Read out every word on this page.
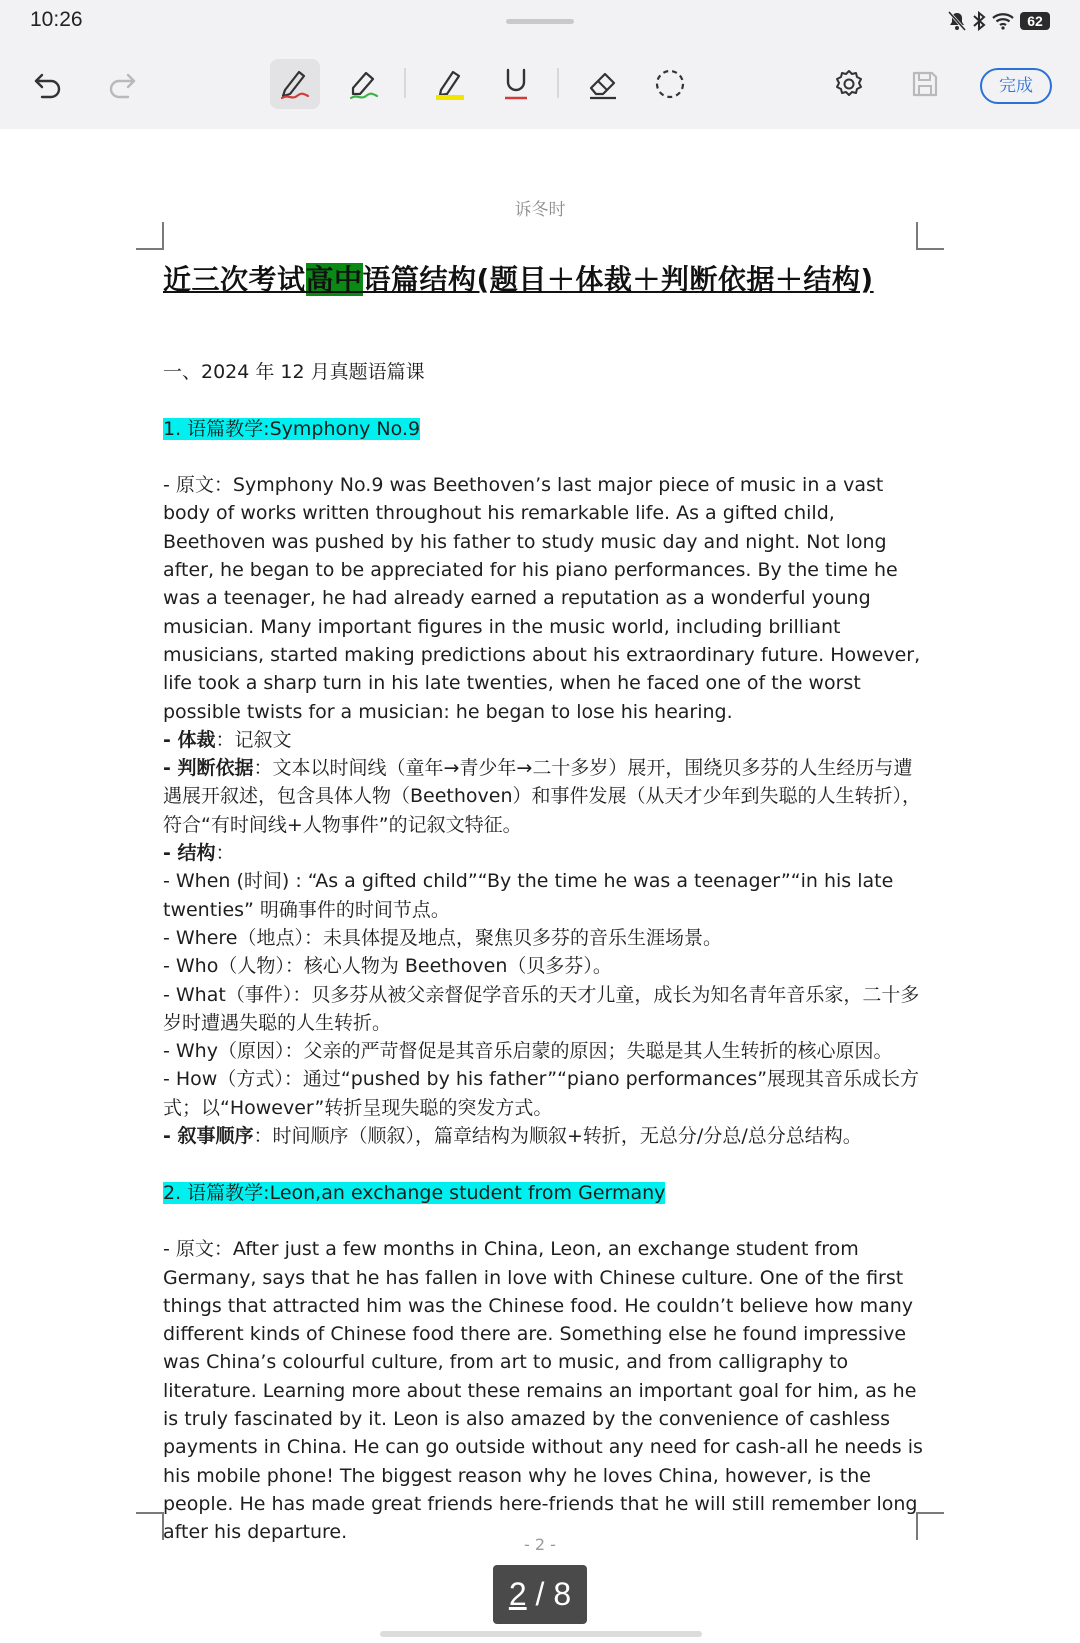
10:26	62
完成
诉冬时
近三次考试高中语篇结构(题目＋体裁＋判断依据＋结构)

一、2024 年 12 月真题语篇课

1. 语篇教学:Symphony No.9

- 原文：Symphony No.9 was Beethoven’s last major piece of music in a vast body of works written throughout his remarkable life. As a gifted child, Beethoven was pushed by his father to study music day and night. Not long after, he began to be appreciated for his piano performances. By the time he was a teenager, he had already earned a reputation as a wonderful young musician. Many important figures in the music world, including brilliant musicians, started making predictions about his extraordinary future. However, life took a sharp turn in his late twenties, when he faced one of the worst possible twists for a musician: he began to lose his hearing.

- 体裁：记叙文

- 判断依据：文本以时间线（童年→青少年→二十多岁）展开，围绕贝多芬的人生经历与遭遇展开叙述，包含具体人物（Beethoven）和事件发展（从天才少年到失聪的人生转折），符合“有时间线+人物事件”的记叙文特征。

- 结构：

- When (时间) : “As a gifted child”“By the time he was a teenager”“in his late twenties” 明确事件的时间节点。

- Where（地点）：未具体提及地点，聚焦贝多芬的音乐生涯场景。

- Who（人物）：核心人物为 Beethoven（贝多芬）。

- What（事件）：贝多芬从被父亲督促学音乐的天才儿童，成长为知名青年音乐家，二十多岁时遭遇失聪的人生转折。

- Why（原因）：父亲的严苛督促是其音乐启蒙的原因；失聪是其人生转折的核心原因。

- How（方式）：通过“pushed by his father”“piano performances”展现其音乐成长方式；以“However”转折呈现失聪的突发方式。

- 叙事顺序：时间顺序（顺叙），篇章结构为顺叙+转折，无总分/分总/总分总结构。

2. 语篇教学:Leon,an exchange student from Germany

- 原文：After just a few months in China, Leon, an exchange student from Germany, says that he has fallen in love with Chinese culture. One of the first things that attracted him was the Chinese food. He couldn’t believe how many different kinds of Chinese food there are. Something else he found impressive was China’s colourful culture, from art to music, and from calligraphy to literature. Learning more about these remains an important goal for him, as he is truly fascinated by it. Leon is also amazed by the convenience of cashless payments in China. He can go outside without any need for cash-all he needs is his mobile phone! The biggest reason why he loves China, however, is the people. He has made great friends here-friends that he will still remember long after his departure.

- 2 -
2 / 8
